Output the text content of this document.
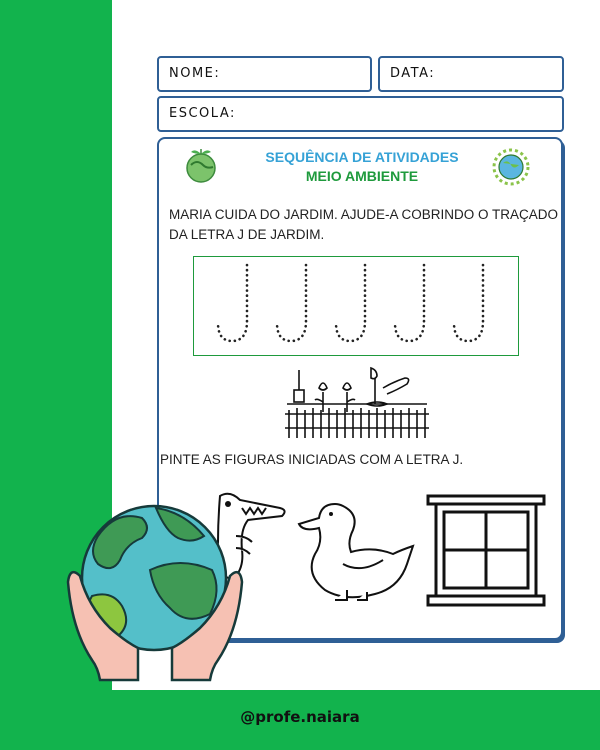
@profe.naiara
NOME:	DATA:
ESCOLA:
SEQUÊNCIA DE ATIVIDADES
MEIO AMBIENTE
MARIA CUIDA DO JARDIM. AJUDE-A COBRINDO O TRAÇADO DA LETRA J DE JARDIM.
PINTE AS FIGURAS INICIADAS COM A LETRA J.
